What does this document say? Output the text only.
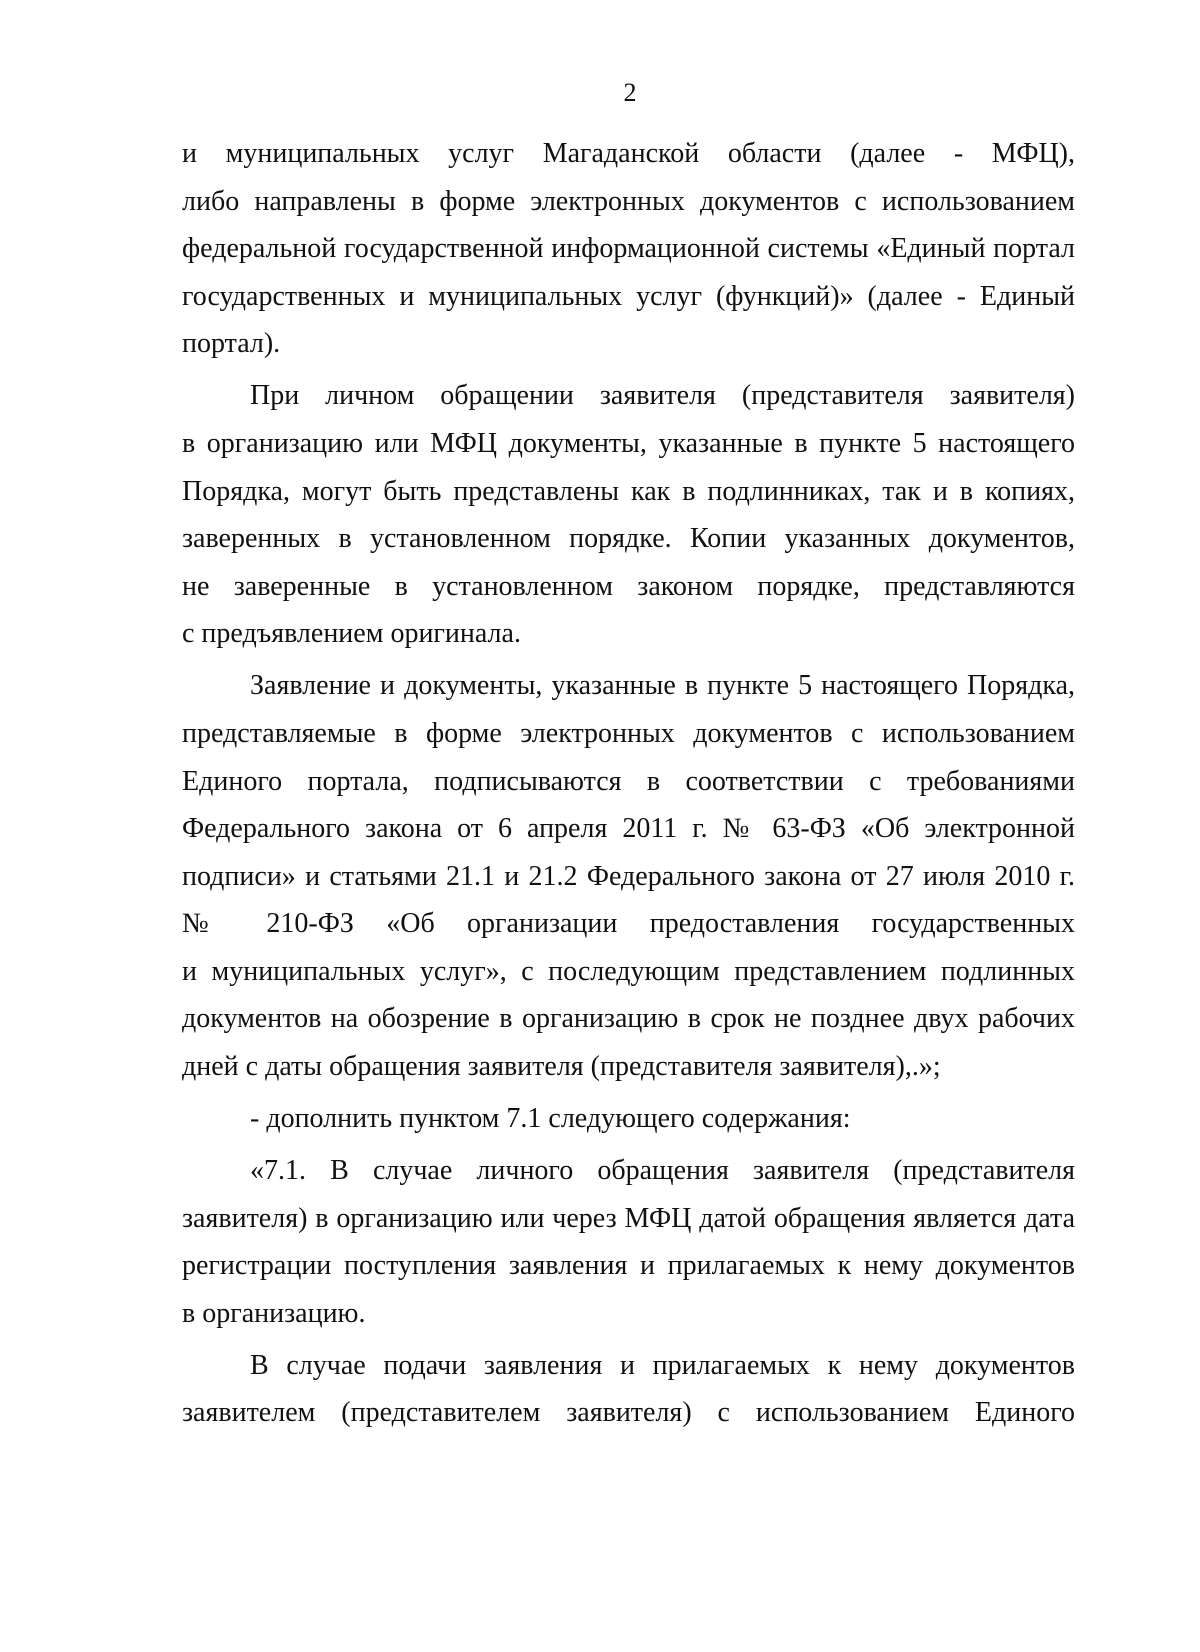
2
и муниципальных услуг Магаданской области (далее - МФЦ),
либо направлены в форме электронных документов с использованием
федеральной государственной информационной системы «Единый портал
государственных и муниципальных услуг (функций)» (далее - Единый
портал).
При личном обращении заявителя (представителя заявителя)
в организацию или МФЦ документы, указанные в пункте 5 настоящего
Порядка, могут быть представлены как в подлинниках, так и в копиях,
заверенных в установленном порядке. Копии указанных документов,
не заверенные в установленном законом порядке, представляются
с предъявлением оригинала.
Заявление и документы, указанные в пункте 5 настоящего Порядка,
представляемые в форме электронных документов с использованием
Единого портала, подписываются в соответствии с требованиями
Федерального закона от 6 апреля 2011 г. № 63-ФЗ «Об электронной
подписи» и статьями 21.1 и 21.2 Федерального закона от 27 июля 2010 г.
№ 210-ФЗ «Об организации предоставления государственных
и муниципальных услуг», с последующим представлением подлинных
документов на обозрение в организацию в срок не позднее двух рабочих
дней с даты обращения заявителя (представителя заявителя),.»;
- дополнить пунктом 7.1 следующего содержания:
«7.1. В случае личного обращения заявителя (представителя
заявителя) в организацию или через МФЦ датой обращения является дата
регистрации поступления заявления и прилагаемых к нему документов
в организацию.
В случае подачи заявления и прилагаемых к нему документов
заявителем (представителем заявителя) с использованием Единого
